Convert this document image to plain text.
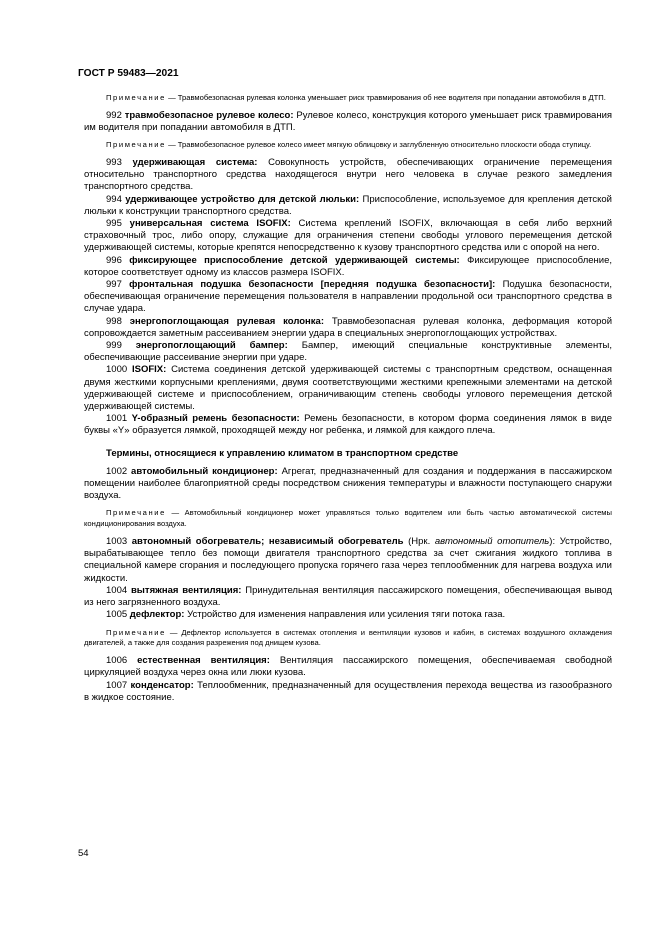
ГОСТ Р 59483—2021

Примечание — Травмобезопасная рулевая колонка уменьшает риск травмирования об нее водителя при попадании автомобиля в ДТП.

992 травмобезопасное рулевое колесо: Рулевое колесо, конструкция которого уменьшает риск травмирования им водителя при попадании автомобиля в ДТП.

Примечание — Травмобезопасное рулевое колесо имеет мягкую облицовку и заглубленную относительно плоскости обода ступицу.

993 удерживающая система: Совокупность устройств, обеспечивающих ограничение перемещения относительно транспортного средства находящегося внутри него человека в случае резкого замедления транспортного средства.

994 удерживающее устройство для детской люльки: Приспособление, используемое для крепления детской люльки к конструкции транспортного средства.

995 универсальная система ISOFIX: Система креплений ISOFIX, включающая в себя либо верхний страховочный трос, либо опору, служащие для ограничения степени свободы углового перемещения детской удерживающей системы, которые крепятся непосредственно к кузову транспортного средства или с опорой на него.

996 фиксирующее приспособление детской удерживающей системы: Фиксирующее приспособление, которое соответствует одному из классов размера ISOFIX.

997 фронтальная подушка безопасности [передняя подушка безопасности]: Подушка безопасности, обеспечивающая ограничение перемещения пользователя в направлении продольной оси транспортного средства в случае удара.

998 энергопоглощающая рулевая колонка: Травмобезопасная рулевая колонка, деформация которой сопровождается заметным рассеиванием энергии удара в специальных энергопоглощающих устройствах.

999 энергопоглощающий бампер: Бампер, имеющий специальные конструктивные элементы, обеспечивающие рассеивание энергии при ударе.

1000 ISOFIX: Система соединения детской удерживающей системы с транспортным средством, оснащенная двумя жесткими корпусными креплениями, двумя соответствующими жесткими крепежными элементами на детской удерживающей системе и приспособлением, ограничивающим степень свободы углового перемещения детской удерживающей системы.

1001 Y-образный ремень безопасности: Ремень безопасности, в котором форма соединения лямок в виде буквы «Y» образуется лямкой, проходящей между ног ребенка, и лямкой для каждого плеча.

Термины, относящиеся к управлению климатом в транспортном средстве

1002 автомобильный кондиционер: Агрегат, предназначенный для создания и поддержания в пассажирском помещении наиболее благоприятной среды посредством снижения температуры и влажности поступающего снаружи воздуха.

Примечание — Автомобильный кондиционер может управляться только водителем или быть частью автоматической системы кондиционирования воздуха.

1003 автономный обогреватель; независимый обогреватель (Нрк. автономный отопитель): Устройство, вырабатывающее тепло без помощи двигателя транспортного средства за счет сжигания жидкого топлива в специальной камере сгорания и последующего пропуска горячего газа через теплообменник для нагрева воздуха или жидкости.

1004 вытяжная вентиляция: Принудительная вентиляция пассажирского помещения, обеспечивающая вывод из него загрязненного воздуха.

1005 дефлектор: Устройство для изменения направления или усиления тяги потока газа.

Примечание — Дефлектор используется в системах отопления и вентиляции кузовов и кабин, в системах воздушного охлаждения двигателей, а также для создания разрежения под днищем кузова.

1006 естественная вентиляция: Вентиляция пассажирского помещения, обеспечиваемая свободной циркуляцией воздуха через окна или люки кузова.

1007 конденсатор: Теплообменник, предназначенный для осуществления перехода вещества из газообразного в жидкое состояние.

54
